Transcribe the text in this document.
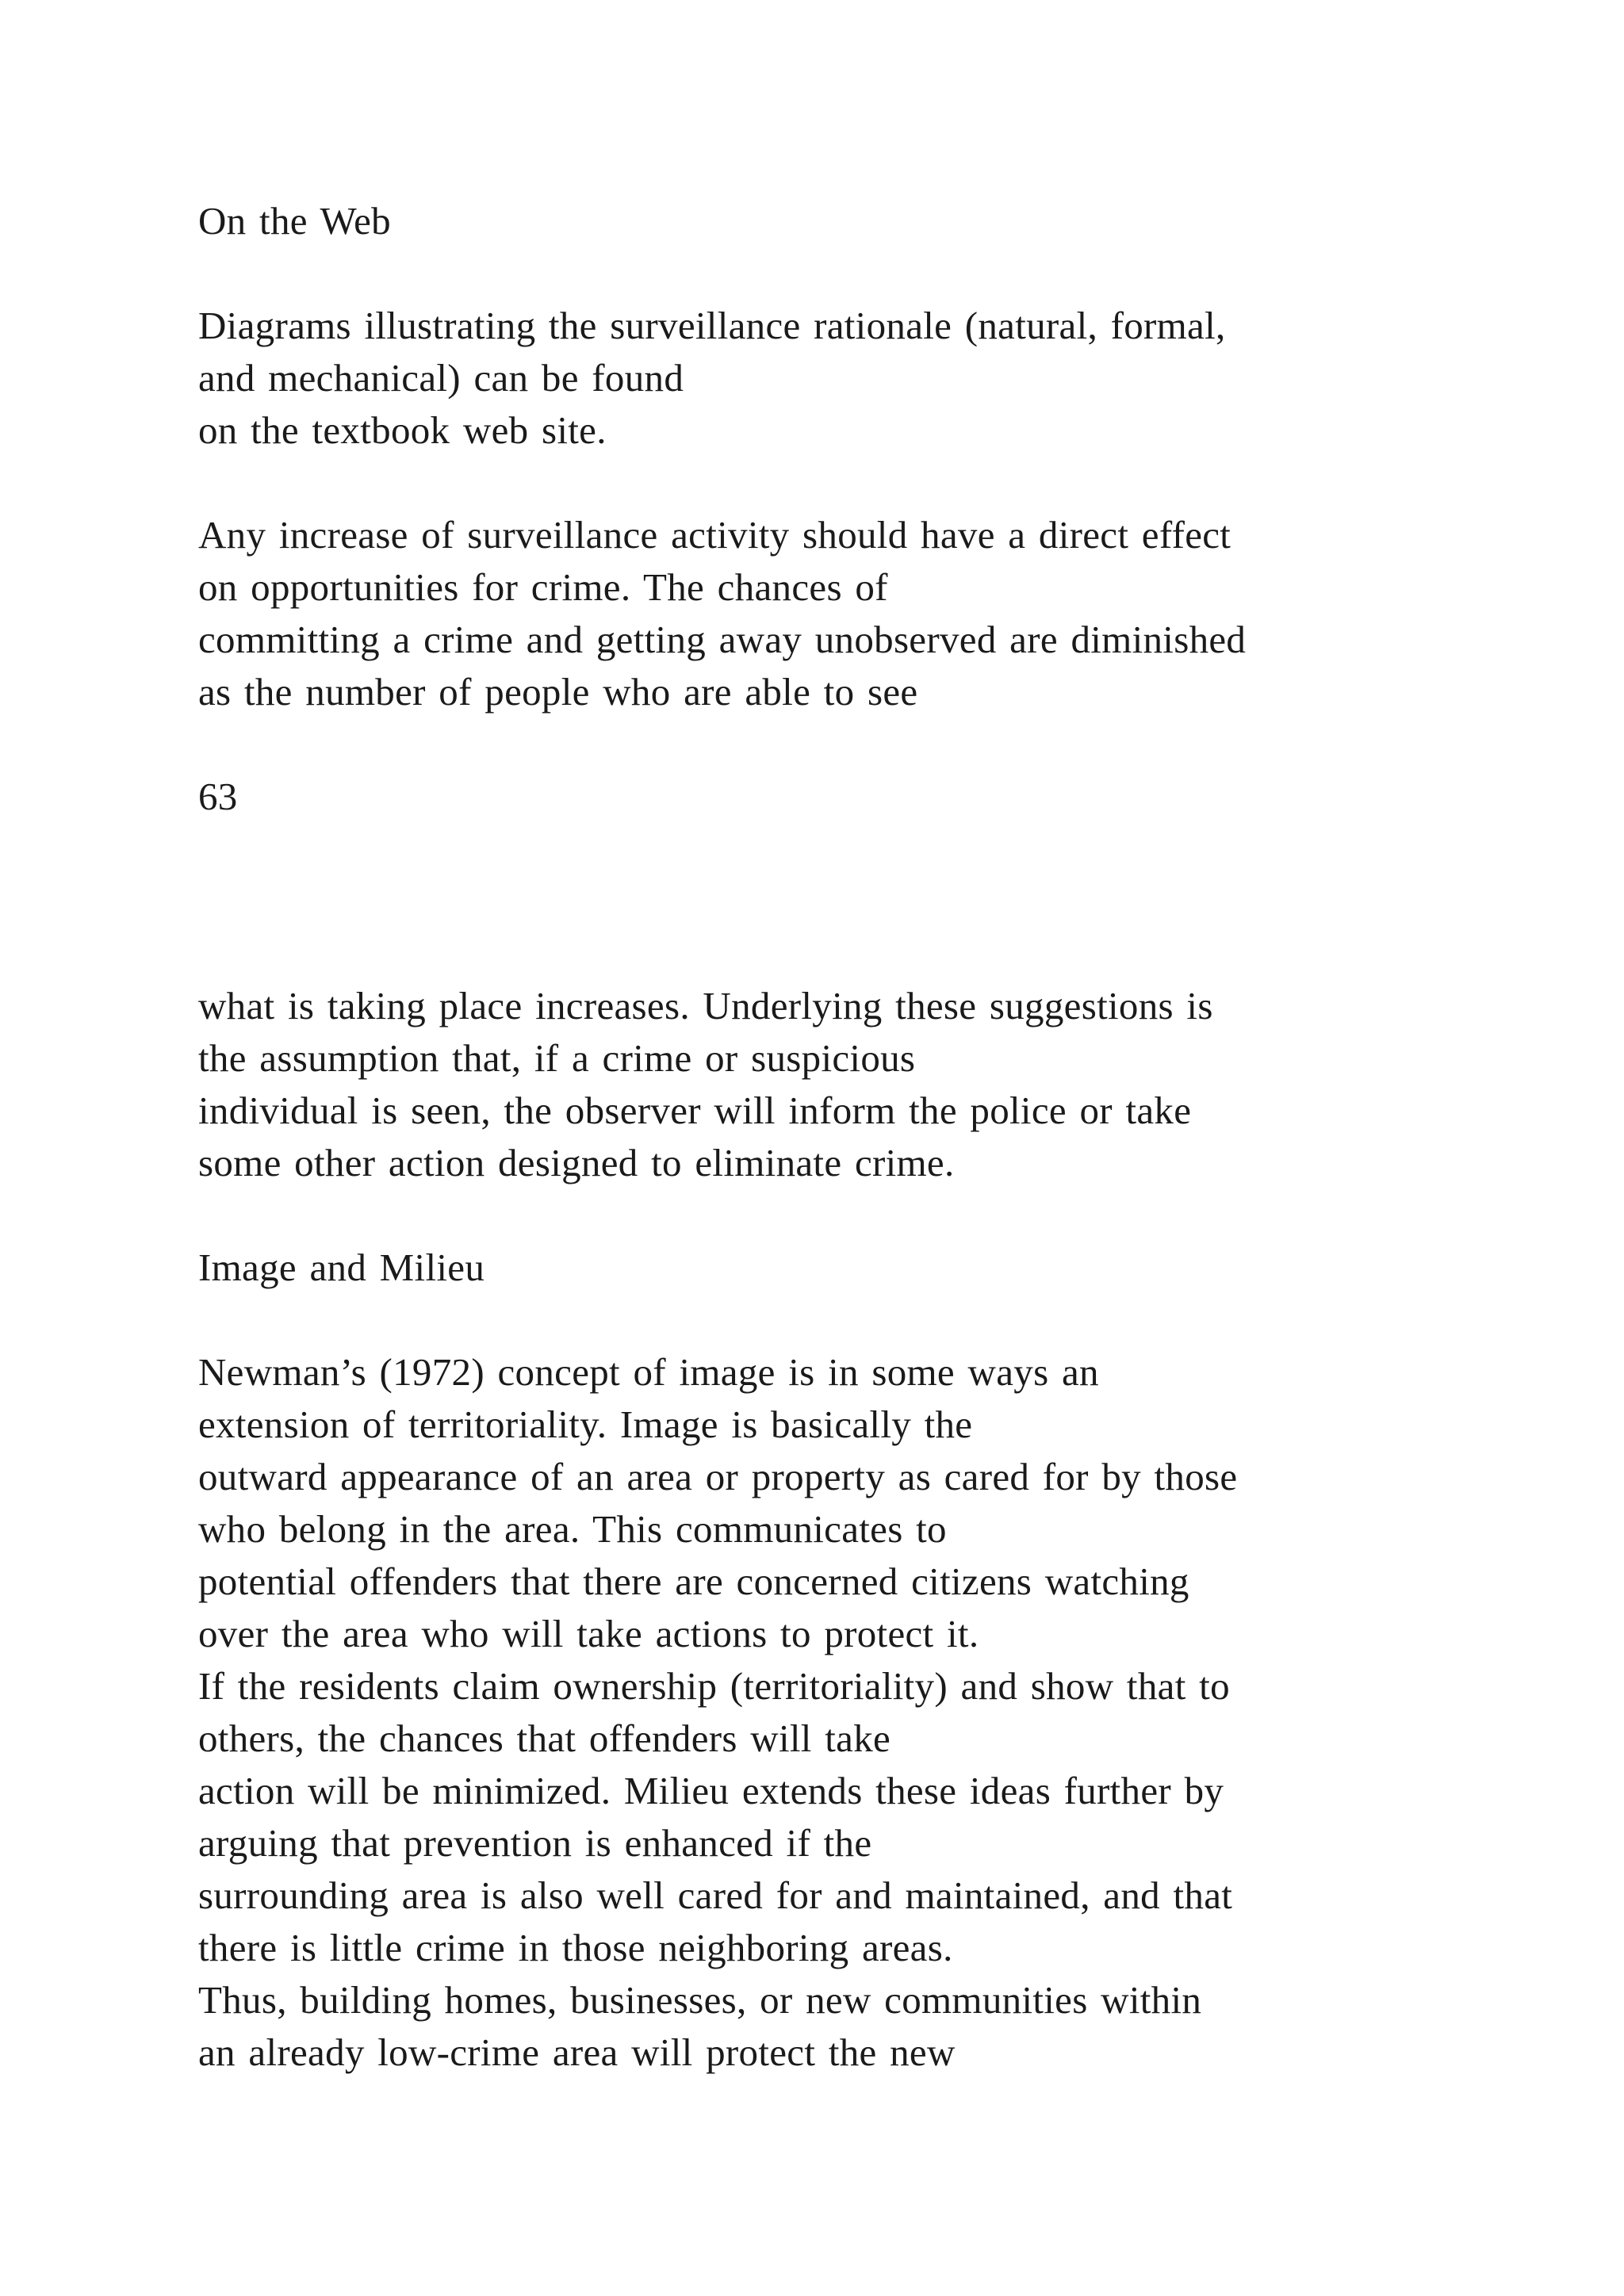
On the Web
Diagrams illustrating the surveillance rationale (natural, formal,
and mechanical) can be found
on the textbook web site.
Any increase of surveillance activity should have a direct effect
on opportunities for crime. The chances of
committing a crime and getting away unobserved are diminished
as the number of people who are able to see
63
what is taking place increases. Underlying these suggestions is
the assumption that, if a crime or suspicious
individual is seen, the observer will inform the police or take
some other action designed to eliminate crime.
Image and Milieu
Newman’s (1972) concept of image is in some ways an
extension of territoriality. Image is basically the
outward appearance of an area or property as cared for by those
who belong in the area. This communicates to
potential offenders that there are concerned citizens watching
over the area who will take actions to protect it.
If the residents claim ownership (territoriality) and show that to
others, the chances that offenders will take
action will be minimized. Milieu extends these ideas further by
arguing that prevention is enhanced if the
surrounding area is also well cared for and maintained, and that
there is little crime in those neighboring areas.
Thus, building homes, businesses, or new communities within
an already low-crime area will protect the new
